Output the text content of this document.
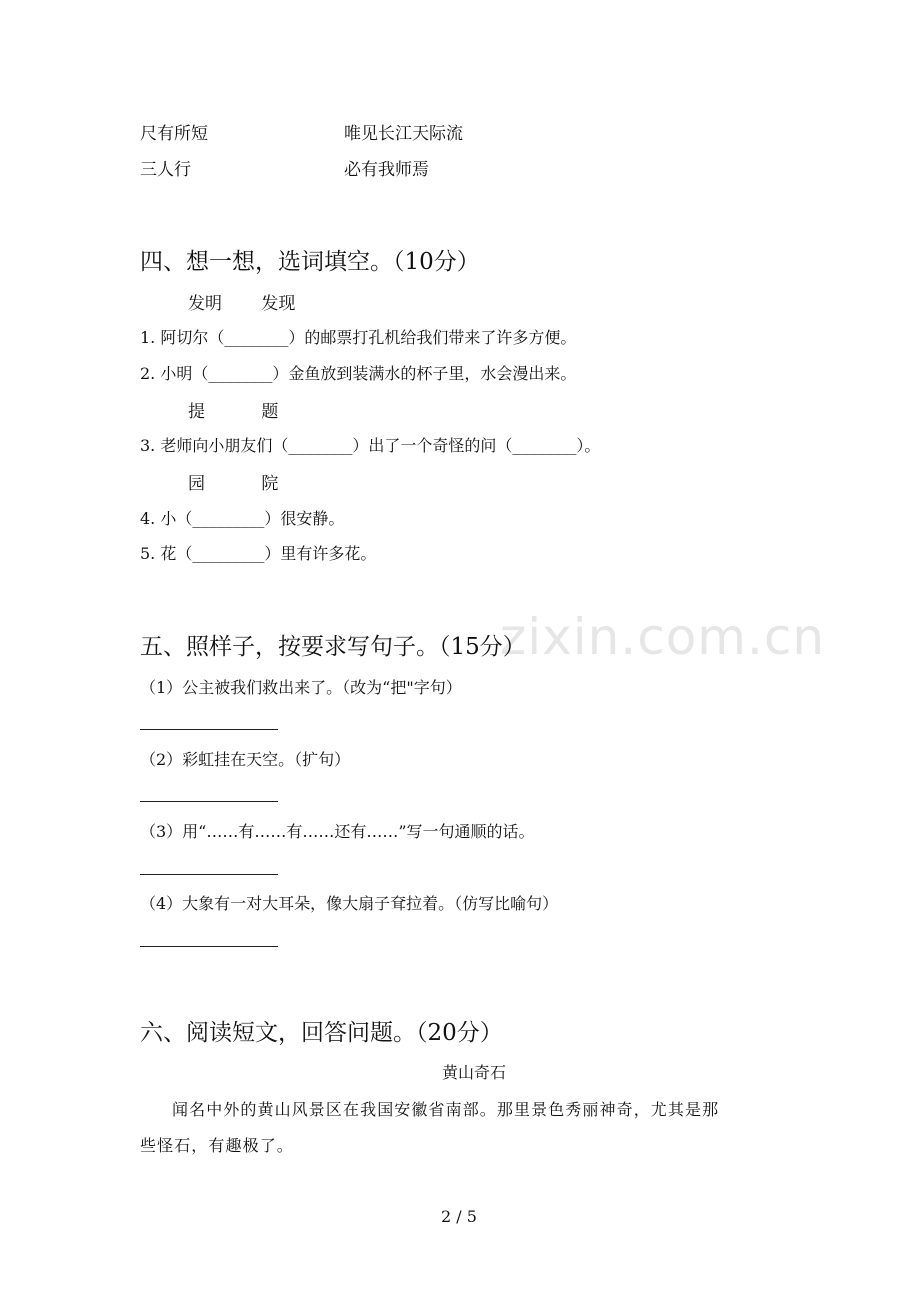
zixin.com.cn
尺有所短	唯见长江天际流
三人行	必有我师焉
四、想一想，选词填空。（10分）
发明 　　发现
1. 阿切尔（________）的邮票打孔机给我们带来了许多方便。
2. 小明（________）金鱼放到装满水的杯子里，水会漫出来。
提　 　　题
3. 老师向小朋友们（________）出了一个奇怪的问（________）。
园　 　　院
4. 小（_________）很安静。
5. 花（_________）里有许多花。
五、照样子，按要求写句子。（15分）
（1）公主被我们救出来了。（改为“把"字句）
（2）彩虹挂在天空。（扩句）
（3）用“……有……有……还有……”写一句通顺的话。
（4）大象有一对大耳朵，像大扇子耷拉着。（仿写比喻句）
六、阅读短文，回答问题。（20分）
黄山奇石
闻名中外的黄山风景区在我国安徽省南部。那里景色秀丽神奇，尤其是那
些怪石，有趣极了。
2 / 5
